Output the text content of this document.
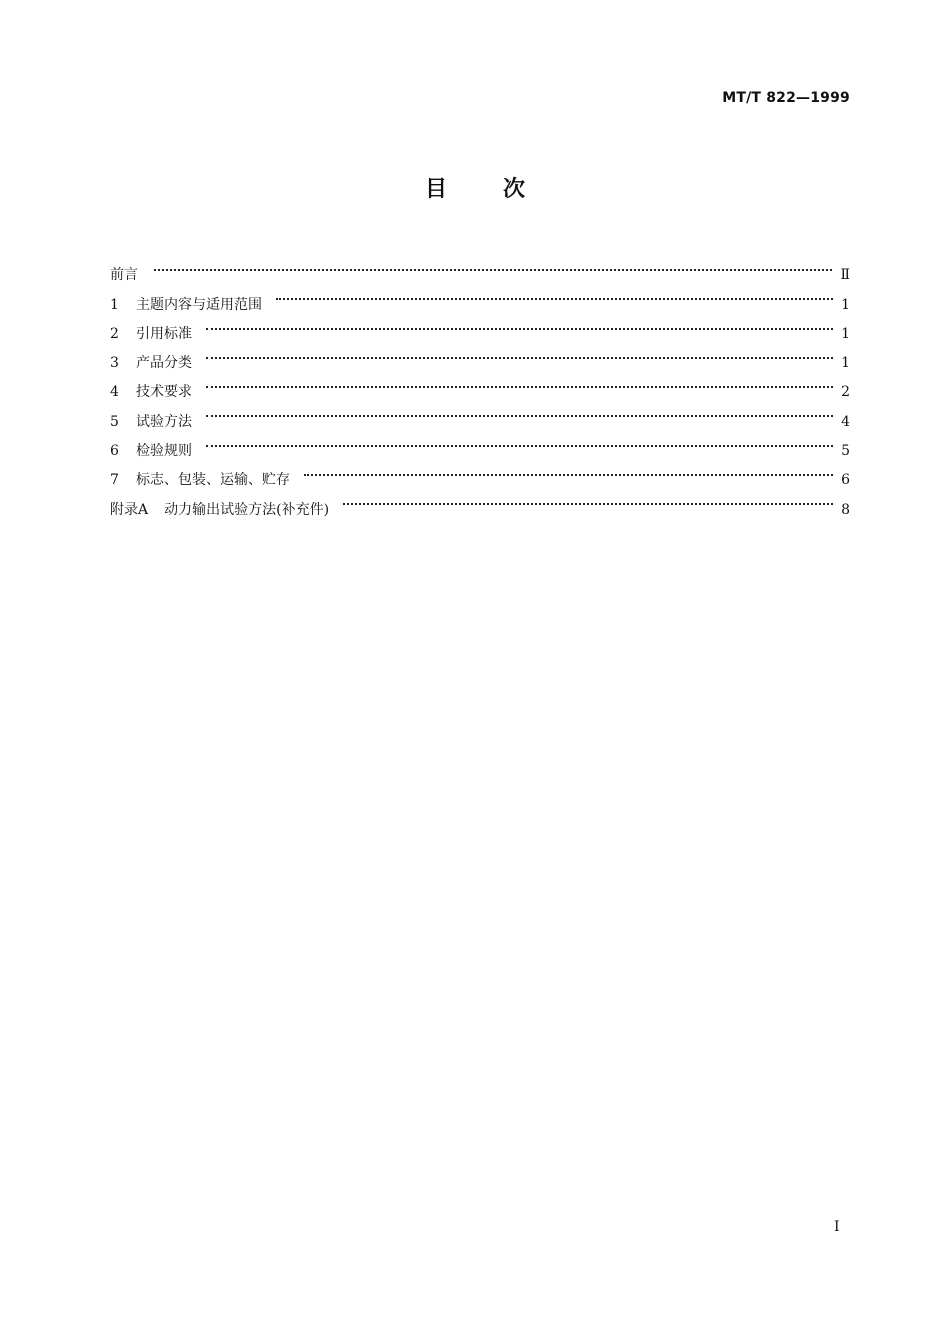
MT/T 822—1999
目	次
前言	Ⅱ
1	主题内容与适用范围	1
2	引用标准	1
3	产品分类	1
4	技术要求	2
5	试验方法	4
6	检验规则	5
7	标志、包装、运输、贮存	6
附录A 动力输出试验方法(补充件)	8
I
